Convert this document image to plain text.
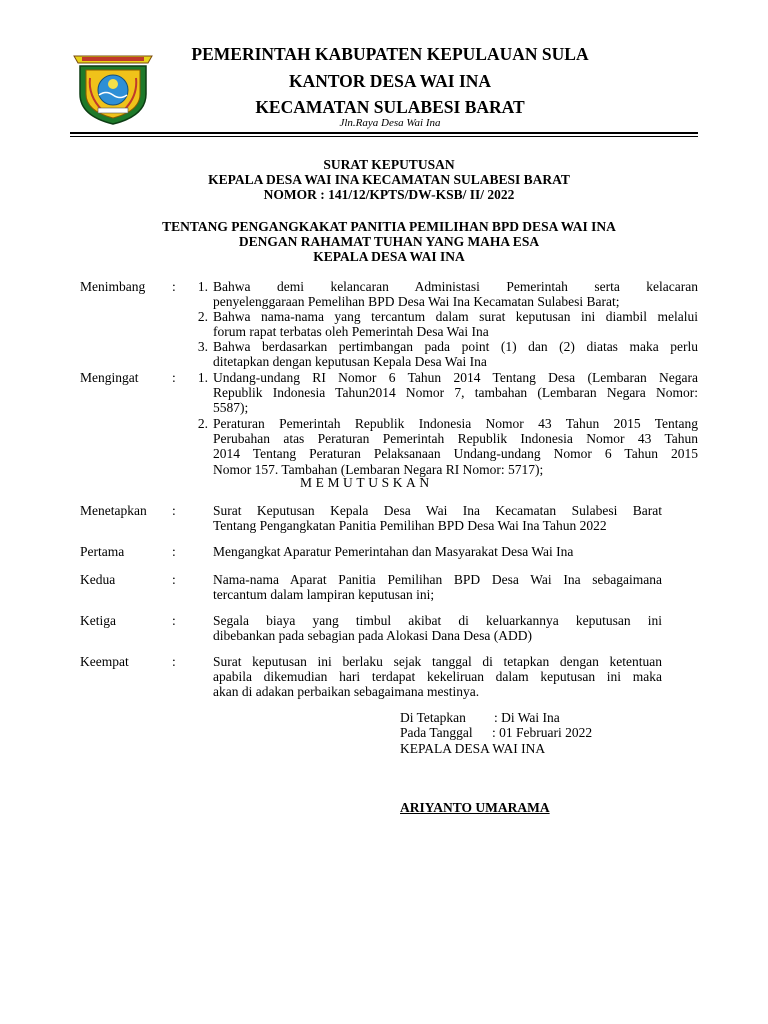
PEMERINTAH KABUPATEN KEPULAUAN SULA
KANTOR DESA WAI INA
KECAMATAN SULABESI BARAT
Jln.Raya Desa Wai Ina
SURAT KEPUTUSAN
KEPALA DESA WAI INA KECAMATAN SULABESI BARAT
NOMOR : 141/12/KPTS/DW-KSB/ II/ 2022
TENTANG PENGANGKAKAT PANITIA PEMILIHAN BPD DESA WAI INA
DENGAN RAHAMAT TUHAN YANG MAHA ESA
KEPALA DESA WAI INA
Menimbang :	1. Bahwa demi kelancaran Administasi Pemerintah serta kelacaran

penyelenggaraan Pemelihan BPD Desa Wai Ina Kecamatan Sulabesi Barat;

2. Bahwa nama-nama yang tercantum dalam surat keputusan ini diambil melalui

forum rapat terbatas oleh Pemerintah Desa Wai Ina

3. Bahwa berdasarkan pertimbangan pada point (1) dan (2) diatas maka perlu

ditetapkan dengan keputusan Kepala Desa Wai Ina

Mengingat :	1. Undang-undang RI Nomor 6 Tahun 2014 Tentang Desa (Lembaran Negara

Republik Indonesia Tahun2014 Nomor 7, tambahan (Lembaran Negara Nomor:

5587);

2. Peraturan Pemerintah Republik Indonesia Nomor 43 Tahun 2015 Tentang

Perubahan atas Peraturan Pemerintah Republik Indonesia Nomor 43 Tahun

2014 Tentang Peraturan Pelaksanaan Undang-undang Nomor 6 Tahun 2015

Nomor 157. Tambahan (Lembaran Negara RI Nomor: 5717);

MEMUTUSKAN
Menetapkan :	Surat Keputusan Kepala Desa Wai Ina Kecamatan Sulabesi Barat

Tentang Pengangkatan Panitia Pemilihan BPD Desa Wai Ina Tahun 2022

Pertama	:	Mengangkat Aparatur Pemerintahan dan Masyarakat Desa Wai Ina

Kedua	:	Nama-nama Aparat Panitia Pemilihan BPD Desa Wai Ina sebagaimana

tercantum dalam lampiran keputusan ini;

Ketiga	:	Segala biaya yang timbul akibat di keluarkannya keputusan ini

dibebankan pada sebagian pada Alokasi Dana Desa (ADD)

Keempat	:	Surat keputusan ini berlaku sejak tanggal di tetapkan dengan ketentuan

apabila dikemudian hari terdapat kekeliruan dalam keputusan ini maka

akan di adakan perbaikan sebagaimana mestinya.

Di Tetapkan : Di Wai Ina
Pada Tanggal : 01 Februari 2022
KEPALA DESA WAI INA
ARIYANTO UMARAMA
